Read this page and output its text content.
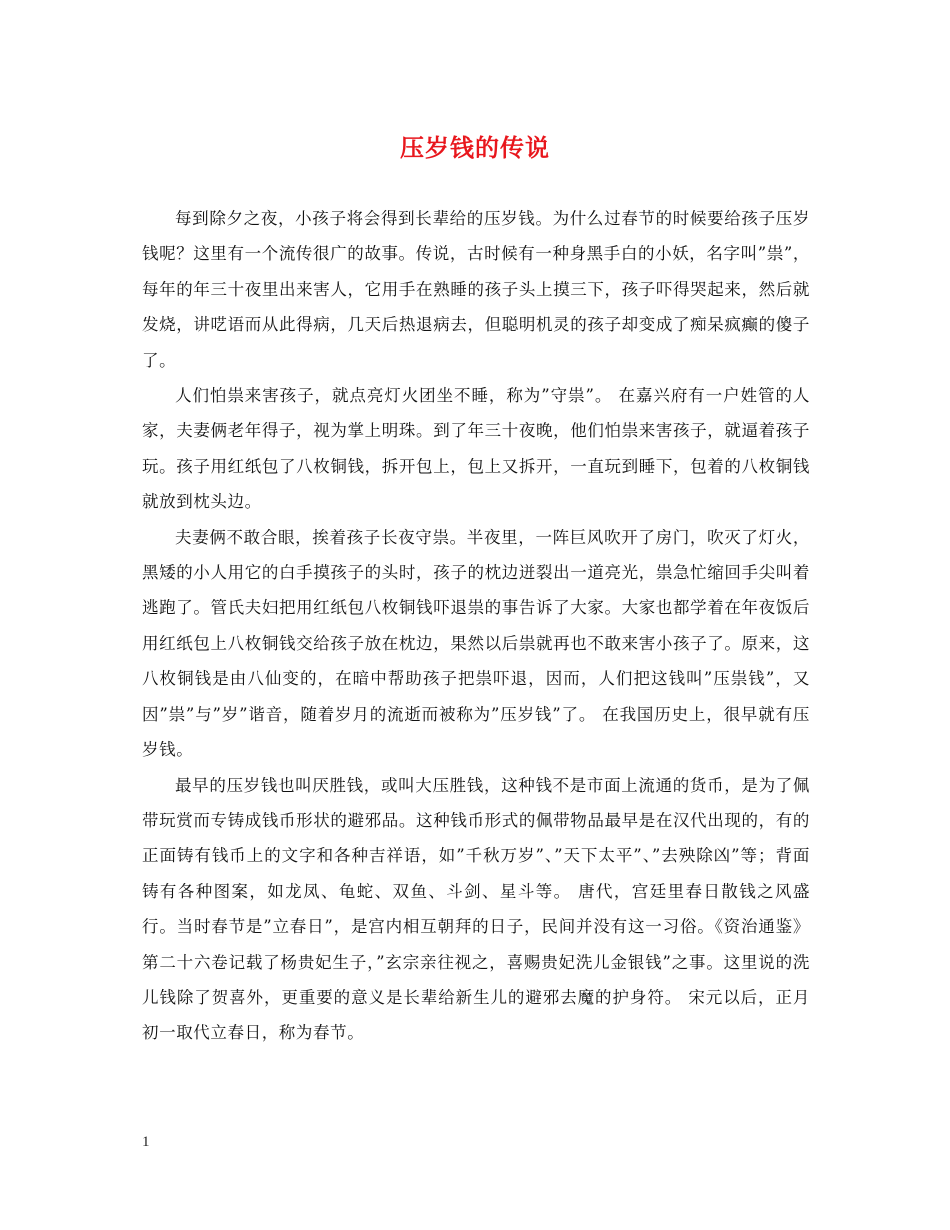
压岁钱的传说

每到除夕之夜，小孩子将会得到长辈给的压岁钱。为什么过春节的时候要给孩子压岁钱呢？这里有一个流传很广的故事。传说，古时候有一种身黑手白的小妖，名字叫”祟”，每年的年三十夜里出来害人，它用手在熟睡的孩子头上摸三下，孩子吓得哭起来，然后就发烧，讲呓语而从此得病，几天后热退病去，但聪明机灵的孩子却变成了痴呆疯癫的傻子了。

人们怕祟来害孩子，就点亮灯火团坐不睡，称为”守祟”。 在嘉兴府有一户姓管的人家，夫妻俩老年得子，视为掌上明珠。到了年三十夜晚，他们怕祟来害孩子，就逼着孩子玩。孩子用红纸包了八枚铜钱，拆开包上，包上又拆开，一直玩到睡下，包着的八枚铜钱就放到枕头边。

夫妻俩不敢合眼，挨着孩子长夜守祟。半夜里，一阵巨风吹开了房门，吹灭了灯火，黑矮的小人用它的白手摸孩子的头时，孩子的枕边迸裂出一道亮光，祟急忙缩回手尖叫着逃跑了。管氏夫妇把用红纸包八枚铜钱吓退祟的事告诉了大家。大家也都学着在年夜饭后用红纸包上八枚铜钱交给孩子放在枕边，果然以后祟就再也不敢来害小孩子了。原来，这八枚铜钱是由八仙变的，在暗中帮助孩子把祟吓退，因而，人们把这钱叫”压祟钱”，又因”祟”与”岁”谐音，随着岁月的流逝而被称为”压岁钱”了。 在我国历史上，很早就有压岁钱。

最早的压岁钱也叫厌胜钱，或叫大压胜钱，这种钱不是市面上流通的货币，是为了佩带玩赏而专铸成钱币形状的避邪品。这种钱币形式的佩带物品最早是在汉代出现的，有的正面铸有钱币上的文字和各种吉祥语，如”千秋万岁”、”天下太平”、”去殃除凶”等；背面铸有各种图案，如龙凤、龟蛇、双鱼、斗剑、星斗等。 唐代，宫廷里春日散钱之风盛行。当时春节是”立春日”，是宫内相互朝拜的日子，民间并没有这一习俗。《资治通鉴》第二十六卷记载了杨贵妃生子，”玄宗亲往视之，喜赐贵妃洗儿金银钱”之事。这里说的洗儿钱除了贺喜外，更重要的意义是长辈给新生儿的避邪去魔的护身符。 宋元以后，正月初一取代立春日，称为春节。

1
